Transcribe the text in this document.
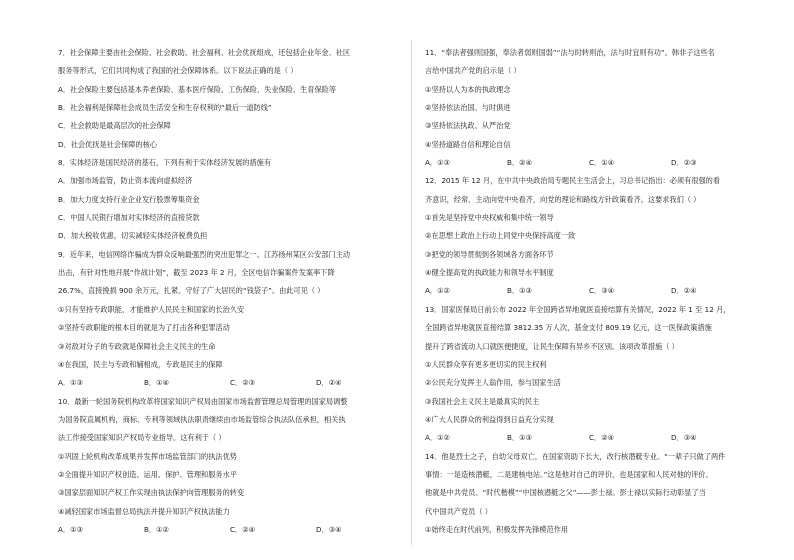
7．社会保障主要由社会保险、社会救助、社会福利、社会优抚组成，还包括企业年金、社区
服务等形式，它们共同构成了我国的社会保障体系。以下说法正确的是（ ）
A．社会保险主要包括基本养老保险、基本医疗保险、工伤保险、失业保险、生育保险等
B．社会福利是保障社会成员生活安全和生存权利的“最后一道防线”
C．社会救助是最高层次的社会保障
D．社会优抚是社会保障的核心
8．实体经济是国民经济的基石，下列有利于实体经济发展的措施有
A．加强市场监管，防止资本流向虚拟经济
B．加大力度支持行业企业发行股票筹集资金
C．中国人民银行增加对实体经济的直接贷款
D．加大税收优惠，切实减轻实体经济税费负担
9．近年来，电信网络诈骗成为群众反响最强烈的突出犯罪之一。江苏扬州某区公安部门主动
出击，有针对性地开展“作战计划”，截至 2023 年 2 月，全区电信诈骗案件发案率下降
26.7%，直接挽损 900 余万元，扎紧、守好了广大居民的“钱袋子”。由此可见（ ）
①只有坚持专政职能，才能维护人民民主和国家的长治久安
②坚持专政职能的根本目的就是为了打击各种犯罪活动
③对敌对分子的专政就是保障社会主义民主的生命
④在我国，民主与专政和辅相成，专政是民主的保障
A．①③	B．①④	C．②③	D．②④
10．最新一轮国务院机构改革将国家知识产权局由国家市场监督管理总局管理的国家局调整
为国务院直属机构，商标、专利等领域执法职责继续由市场监管综合执法队伍承担，相关执
法工作接受国家知识产权局专业指导。这有利于（ ）
①巩固上轮机构改革成果并发挥市场监管部门的执法优势
②全面提升知识产权创造、运用、保护、管理和服务水平
③国家层面知识产权工作实现由执法保护向管理服务的转变
④减轻国家市场监督总局执法并提升知识产权执法能力
A．①③	B．①②	C．②④	D．③④
11．“奉法者强则国强，奉法者弱则国弱”“法与时转则治，法与时宜则有功”。韩非子这些名
言给中国共产党的启示是（ ）
①坚持以人为本的执政理念
②坚持依法治国、与时俱进
③坚持依法执政、从严治党
④坚持道路自信和理论自信
A．①③	B．②④	C．①④	D．②③
12．2015 年 12 月，在中共中央政治局专题民主生活会上，习总书记指出：必须有很强的看
齐意识，经常、主动向党中央看齐，向党的理论和路线方针政策看齐。这要求我们（ ）
①首先是坚持党中央权威和集中统一领导
②在思想上政治上行动上同党中央保持高度一致
③把党的领导贯彻到各领域各方面各环节
④健全提高党的执政能力和领导水平制度
A．①②	B．①③	C．③④	D．②④
13．国家医保局日前公布 2022 年全国跨省异地就医直接结算有关情况，2022 年 1 至 12 月，
全国跨省异地就医直接结算 3812.35 万人次，基金支付 809.19 亿元，这一医保政策措施
提升了跨省流动人口就医便捷度，让民生保障有异乡不区别。该项改革措施（ ）
①人民群众享有更多更切实的民主权利
②公民充分发挥主人翁作用，参与国家生活
③我国社会主义民主是最真实的民主
④广大人民群众的利益得到日益充分实现
A．①②	B．①③	C．②④	D．③④
14．他是烈士之子，自幼父母双亡，在国家资助下长大，改行核潜艇专业。“一辈子只做了两件
事情：一是造核潜艇，二是建核电站。”这是他对自己的评价，也是国家和人民对他的评价。
他就是中共党员、“时代楷模”“中国核潜艇之父”——彭士禄。彭士禄以实际行动彰显了当
代中国共产党员（ ）
①始终走在时代前列，积极发挥先锋模范作用
